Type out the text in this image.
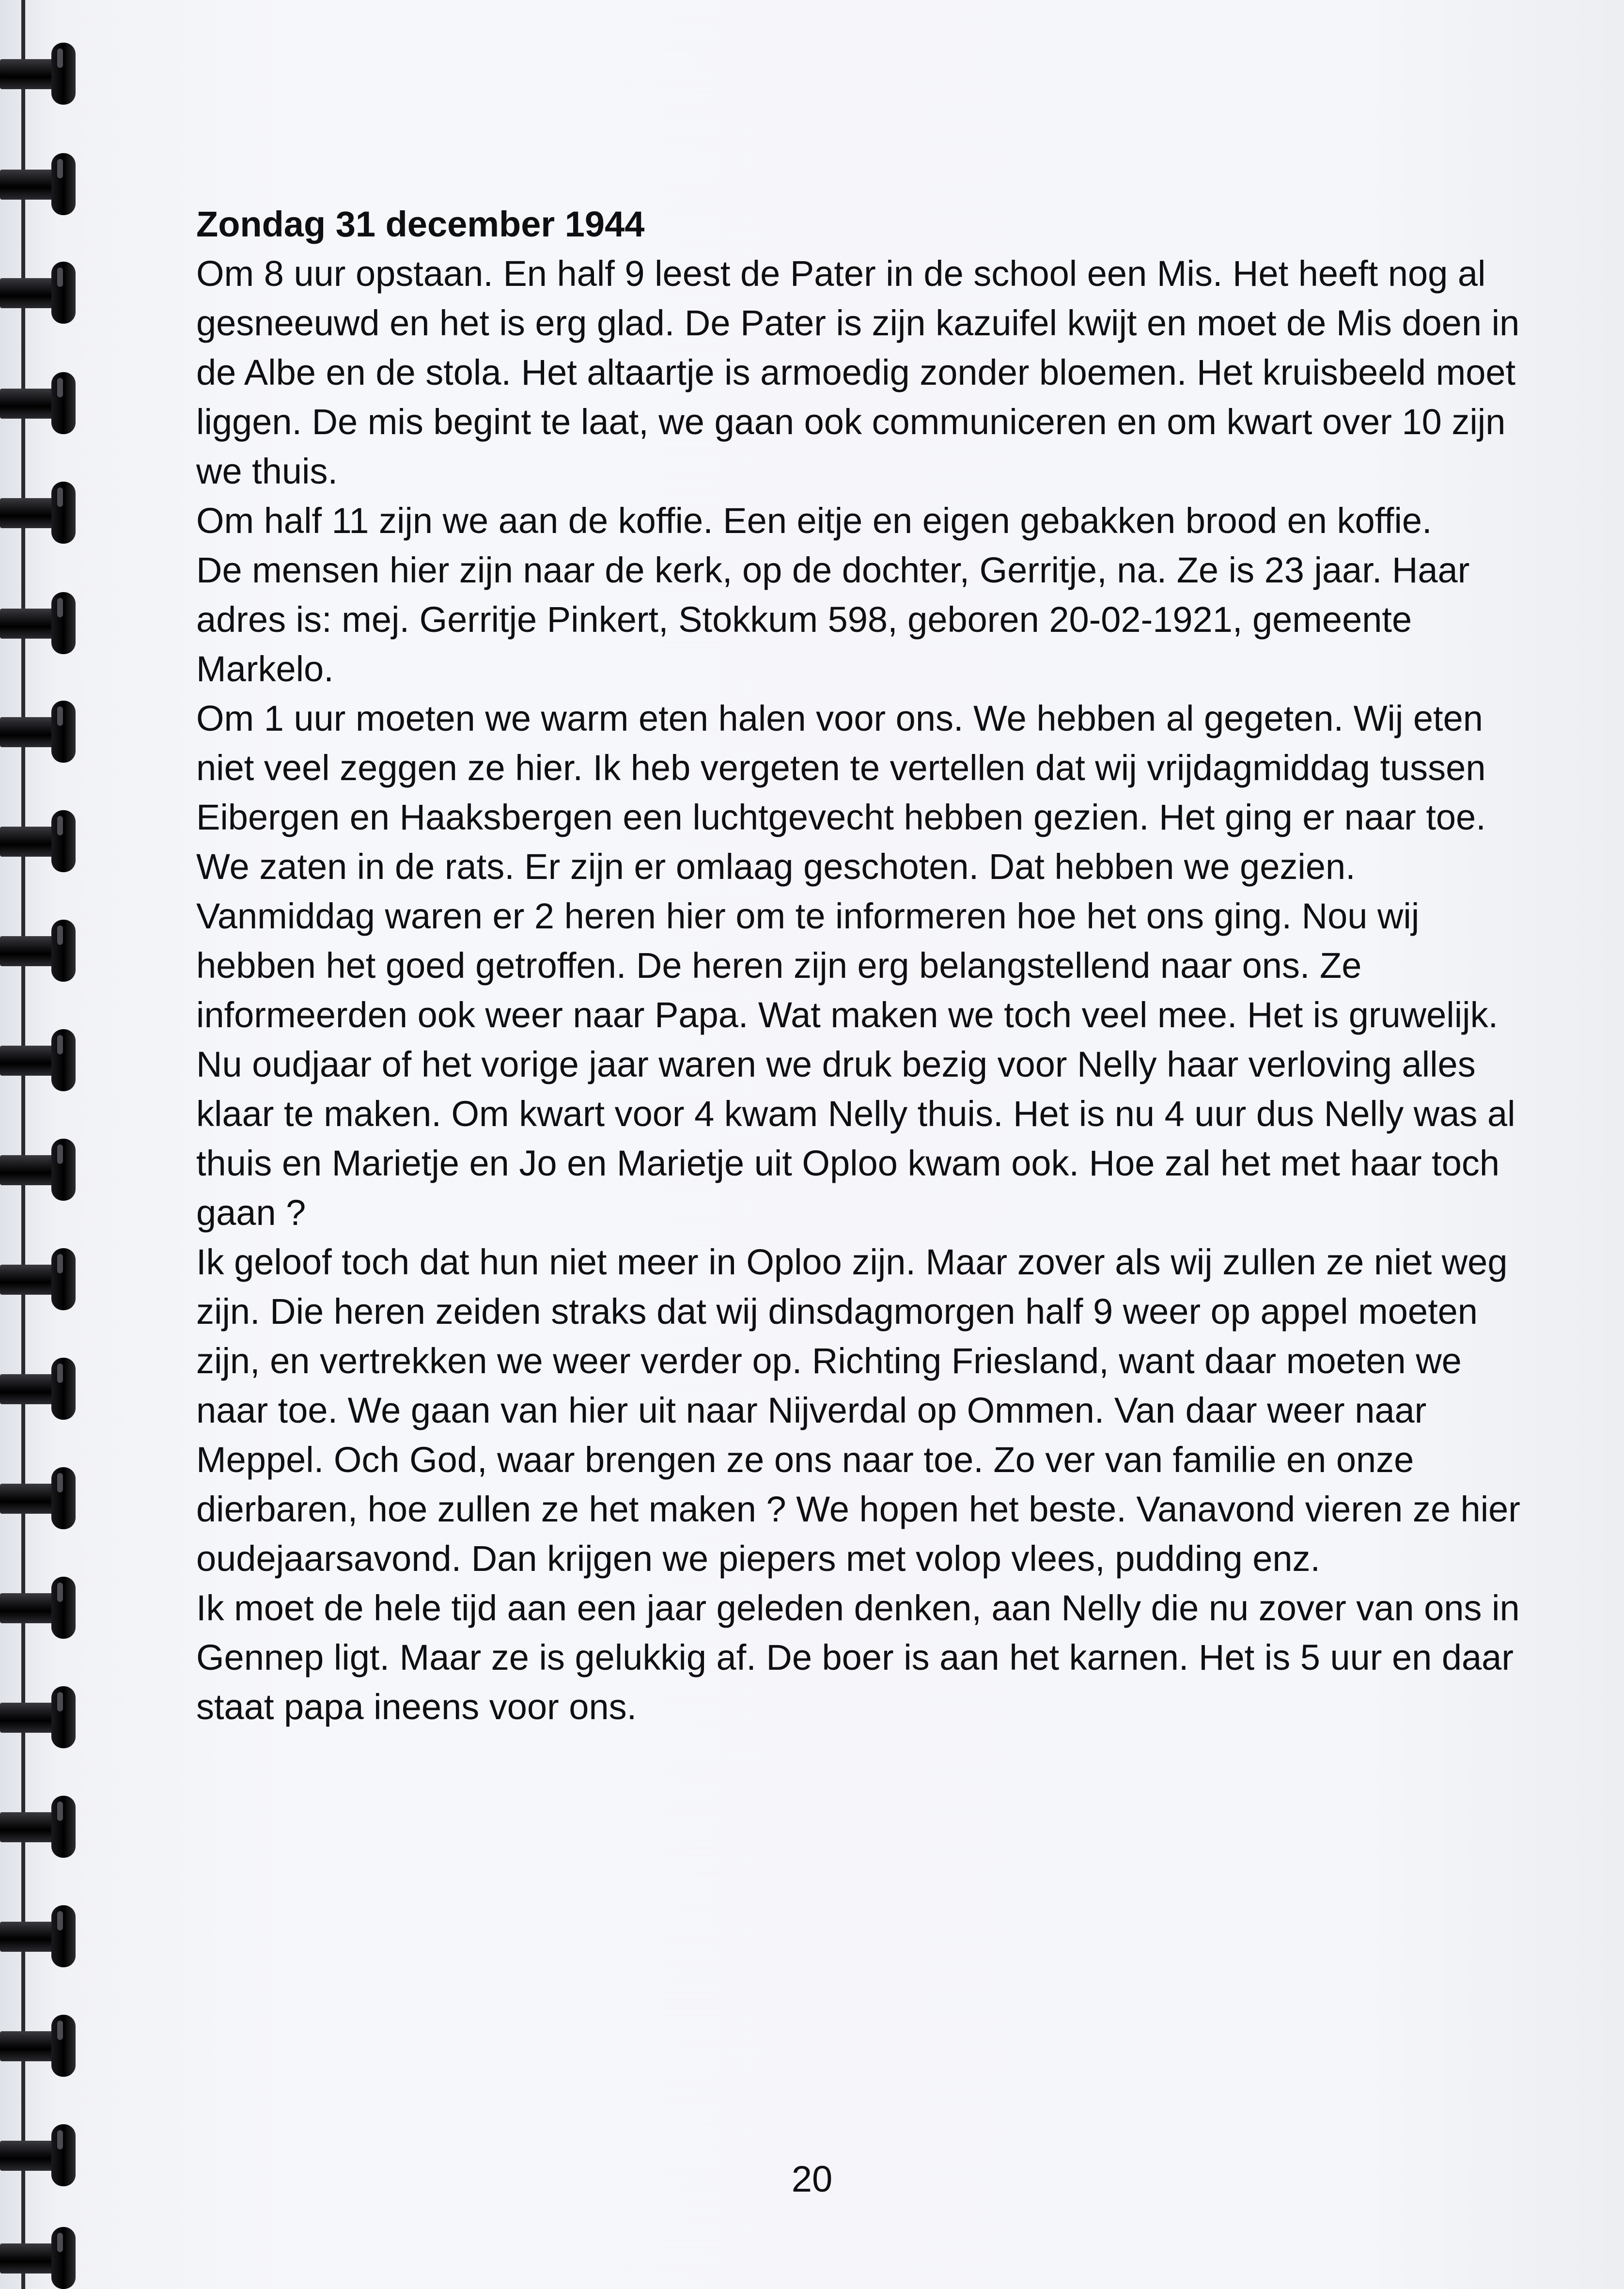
Zondag 31 december 1944

Om 8 uur opstaan. En half 9 leest de Pater in de school een Mis. Het heeft nog al gesneeuwd en het is erg glad. De Pater is zijn kazuifel kwijt en moet de Mis doen in de Albe en de stola. Het altaartje is armoedig zonder bloemen. Het kruisbeeld moet liggen. De mis begint te laat, we gaan ook communiceren en om kwart over 10 zijn we thuis.

Om half 11 zijn we aan de koffie. Een eitje en eigen gebakken brood en koffie.

De mensen hier zijn naar de kerk, op de dochter, Gerritje, na. Ze is 23 jaar. Haar adres is: mej. Gerritje Pinkert, Stokkum 598, geboren 20-02-1921, gemeente Markelo.

Om 1 uur moeten we warm eten halen voor ons. We hebben al gegeten. Wij eten niet veel zeggen ze hier. Ik heb vergeten te vertellen dat wij vrijdagmiddag tussen Eibergen en Haaksbergen een luchtgevecht hebben gezien. Het ging er naar toe. We zaten in de rats. Er zijn er omlaag geschoten. Dat hebben we gezien. Vanmiddag waren er 2 heren hier om te informeren hoe het ons ging. Nou wij hebben het goed getroffen. De heren zijn erg belangstellend naar ons. Ze informeerden ook weer naar Papa. Wat maken we toch veel mee. Het is gruwelijk. Nu oudjaar of het vorige jaar waren we druk bezig voor Nelly haar verloving alles klaar te maken. Om kwart voor 4 kwam Nelly thuis. Het is nu 4 uur dus Nelly was al thuis en Marietje en Jo en Marietje uit Oploo kwam ook. Hoe zal het met haar toch gaan ?

Ik geloof toch dat hun niet meer in Oploo zijn. Maar zover als wij zullen ze niet weg zijn. Die heren zeiden straks dat wij dinsdagmorgen half 9 weer op appel moeten zijn, en vertrekken we weer verder op. Richting Friesland, want daar moeten we naar toe. We gaan van hier uit naar Nijverdal op Ommen. Van daar weer naar Meppel. Och God, waar brengen ze ons naar toe. Zo ver van familie en onze dierbaren, hoe zullen ze het maken ? We hopen het beste. Vanavond vieren ze hier oudejaarsavond. Dan krijgen we piepers met volop vlees, pudding enz.

Ik moet de hele tijd aan een jaar geleden denken, aan Nelly die nu zover van ons in Gennep ligt. Maar ze is gelukkig af. De boer is aan het karnen. Het is 5 uur en daar staat papa ineens voor ons.

20
